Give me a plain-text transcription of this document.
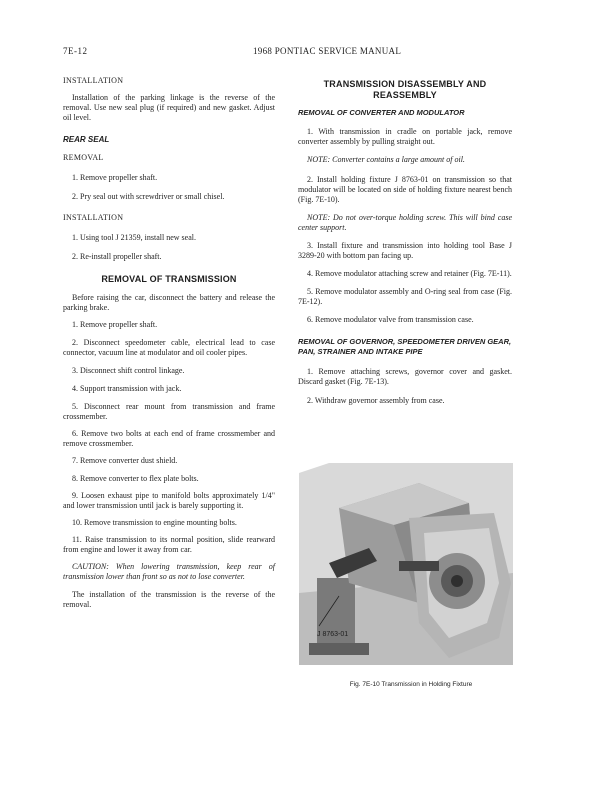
7E-12	1968 PONTIAC SERVICE MANUAL

INSTALLATION

Installation of the parking linkage is the reverse of the removal. Use new seal plug (if required) and new gasket. Adjust oil level.

REAR SEAL

REMOVAL

1. Remove propeller shaft.

2. Pry seal out with screwdriver or small chisel.

INSTALLATION

1. Using tool J 21359, install new seal.

2. Re-install propeller shaft.

REMOVAL OF TRANSMISSION

Before raising the car, disconnect the battery and release the parking brake.

1. Remove propeller shaft.

2. Disconnect speedometer cable, electrical lead to case connector, vacuum line at modulator and oil cooler pipes.

3. Disconnect shift control linkage.

4. Support transmission with jack.

5. Disconnect rear mount from transmission and frame crossmember.

6. Remove two bolts at each end of frame crossmember and remove crossmember.

7. Remove converter dust shield.

8. Remove converter to flex plate bolts.

9. Loosen exhaust pipe to manifold bolts approximately 1/4" and lower transmission until jack is barely supporting it.

10. Remove transmission to engine mounting bolts.

11. Raise transmission to its normal position, slide rearward from engine and lower it away from car.

CAUTION: When lowering transmission, keep rear of transmission lower than front so as not to lose converter.

The installation of the transmission is the reverse of the removal.

TRANSMISSION DISASSEMBLY AND REASSEMBLY

REMOVAL OF CONVERTER AND MODULATOR

1. With transmission in cradle on portable jack, remove converter assembly by pulling straight out.

NOTE: Converter contains a large amount of oil.

2. Install holding fixture J 8763-01 on transmission so that modulator will be located on side of holding fixture nearest bench (Fig. 7E-10).

NOTE: Do not over-torque holding screw. This will bind case center support.

3. Install fixture and transmission into holding tool Base J 3289-20 with bottom pan facing up.

4. Remove modulator attaching screw and retainer (Fig. 7E-11).

5. Remove modulator assembly and O-ring seal from case (Fig. 7E-12).

6. Remove modulator valve from transmission case.

REMOVAL OF GOVERNOR, SPEEDOMETER DRIVEN GEAR, PAN, STRAINER AND INTAKE PIPE

1. Remove attaching screws, governor cover and gasket. Discard gasket (Fig. 7E-13).

2. Withdraw governor assembly from case.

J 8763-01

Fig. 7E-10 Transmission in Holding Fixture
